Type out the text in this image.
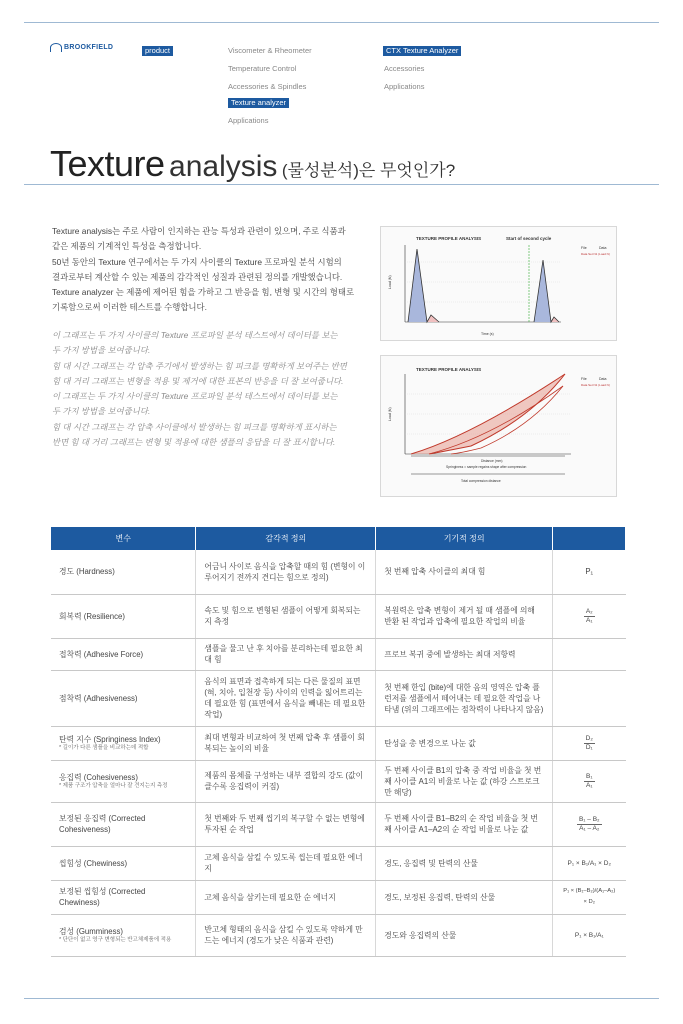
BROOKFIELD	product	Viscometer & Rheometer
Temperature Control
Accessories & Spindles
Texture analyzer
Applications
CTX Texture Analyzer
Accessories
Applications
Texture analysis (물성분석)은 무엇인가?

Texture analysis는 주로 사람이 인지하는 관능 특성과 관련이 있으며, 주로 식품과

같은 제품의 기계적인 특성을 측정합니다.

50년 동안의 Texture 연구에서는 두 가지 사이클의 Texture 프로파일 분석 시험의

결과로부터 계산할 수 있는 제품의 감각적인 성질과 관련된 정의를 개발했습니다.

Texture analyzer 는 제품에 제어된 힘을 가하고 그 반응을 힘, 변형 및 시간의 형태로

기록함으로써 이러한 테스트를 수행합니다.

이 그래프는 두 가지 사이클의 Texture 프로파일 분석 테스트에서 데이터를 보는

두 가지 방법을 보여줍니다.

힘 대 시간 그래프는 각 압축 주기에서 발생하는 힘 피크를 명확하게 보여주는 반면

힘 대 거리 그래프는 변형을 적용 및 제거에 대한 표본의 반응을 더 잘 보여줍니다.

이 그래프는 두 가지 사이클의 Texture 프로파일 분석 테스트에서 데이터를 보는

두 가지 방법을 보여줍니다.

힘 대 시간 그래프는 각 압축 사이클에서 발생하는 힘 피크를 명확하게 표시하는

반면 힘 대 거리 그래프는 변형 및 적용에 대한 샘플의 응답을 더 잘 표시합니다.

TEXTURE PROFILE ANALYSIS	Start of second cycle
File	Data
Data Set N1 (Load N)
Time (s)
Load (N)
TEXTURE PROFILE ANALYSIS
File	Data
Data Set N1 (Load N)
Springiness = sample regains shape after compression
Total compression distance
Distance (mm)
Load (N)
변수	감각적 정의	기기적 정의	
경도 (Hardness)	어금니 사이로 음식을 압축할 때의 힘 (변형이 이루어지기 전까지 견디는 힘으로 정의)	첫 번째 압축 사이클의 최대 힘	P₁
회복력 (Resilience)	속도 및 힘으로 변형된 샘플이 어떻게 회복되는지 측정	복원력은 압축 변형이 제거 될 때 샘플에 의해 반환 된 작업과 압축에 필요한 작업의 비율	$\frac{\text{A₂}}{\text{A₁}}$

접착력 (Adhesive Force)	샘플을 물고 난 후 치아를 분리하는데 필요한 최대 힘	프로브 복귀 중에 발생하는 최대 저항력	
점착력 (Adhesiveness)	음식의 표면과 접촉하게 되는 다른 물질의 표면 (혀, 치아, 입천장 등) 사이의 인력을 잃어트리는데 필요한 힘 (표면에서 음식을 빼내는 데 필요한 작업)	첫 번째 한입 (bite)에 대한 음의 영역은 압축 플런저를 샘플에서 떼어내는 데 필요한 작업을 나타냄 (위의 그래프에는 점착력이 나타나지 않음)	
탄력 지수 (Springiness Index)
* 길이가 다른 샘플을 비교하는데 적합	최대 변형과 비교하여 첫 번째 압축 후 샘플이 회복되는 높이의 비율	탄성을 총 변경으로 나눈 값	$\frac{\text{D₂}}{\text{D₁}}$

응집력 (Cohesiveness)
* 제품 구조가 압축을 얼마나 잘 견지는지 측정	제품의 몸체를 구성하는 내부 결합의 강도 (값이 클수록 응집력이 커짐)	두 번째 사이클 B1의 압축 중 작업 비율을 첫 번째 사이클 A1의 비율로 나눈 값 (하강 스트로크만 해당)	$\frac{\text{B₁}}{\text{A₁}}$

보정된 응집력 (Corrected Cohesiveness)	첫 번째와 두 번째 씹기의 복구할 수 없는 변형에 투자된 순 작업	두 번째 사이클 B1–B2의 순 작업 비율을 첫 번째 사이클 A1–A2의 순 작업 비율로 나눈 값	$\frac{\text{B₁ – B₂}}{\text{A₁ – A₂}}$

씹힘성 (Chewiness)	고체 음식을 삼킬 수 있도록 씹는데 필요한 에너지	경도, 응집력 및 탄력의 산물	P₁ × B₁/A₁ × D₂
보정된 씹힘성 (Corrected Chewiness)	고체 음식을 삼키는데 필요한 순 에너지	경도, 보정된 응집력, 탄력의 산물	P₁ × (B₁–B₂)/(A₁–A₂) × D₂
검성 (Gumminess)
* 단단이 없고 영구 변형되는 반고체제품에 적용	반고체 형태의 음식을 삼킬 수 있도록 약하게 만드는 에너지 (경도가 낮은 식품과 관련)	경도와 응집력의 산물	P₁ × B₁/A₁
